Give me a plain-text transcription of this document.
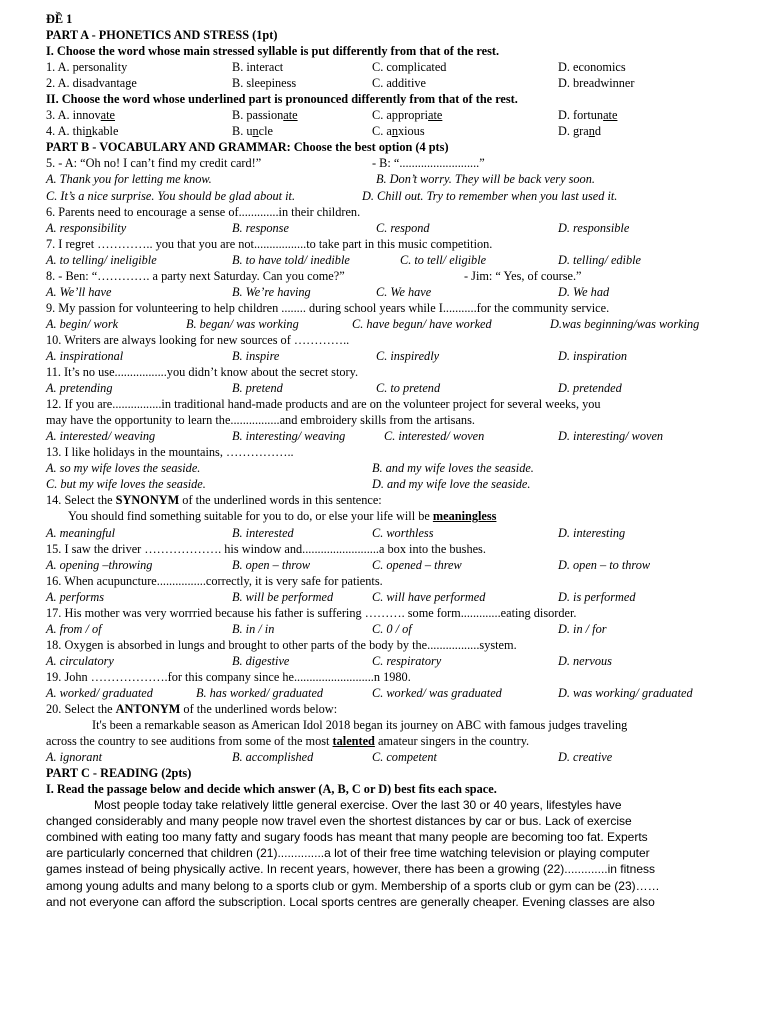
ĐỀ 1
PART A - PHONETICS AND STRESS (1pt)
I. Choose the word whose main stressed syllable is put differently from that of the rest.
1. A. personality	B. interact	C. complicated	D. economics
2. A. disadvantage	B. sleepiness	C. additive	D. breadwinner
II. Choose the word whose underlined part is pronounced differently from that of the rest.
3. A. innovate	B. passionate	C. appropriate	D. fortunate
4. A. thinkable	B. uncle	C. anxious	D. grand
PART B - VOCABULARY AND GRAMMAR: Choose the best option (4 pts)
5. - A: “Oh no! I can’t find my credit card!”	- B: “..........................”
A. Thank you for letting me know.	B. Don’t worry. They will be back very soon.
C. It’s a nice surprise. You should be glad about it.	D. Chill out. Try to remember when you last used it.
6. Parents need to encourage a sense of.............in their children.
A. responsibility	B. response	C. respond	D. responsible
7. I regret ………….. you that you are not.................to take part in this music competition.
A. to telling/ ineligible	B. to have told/ inedible	C. to tell/ eligible	D. telling/ edible
8. - Ben: “…………. a party next Saturday. Can you come?”	- Jim: “ Yes, of course.”
A. We’ll have	B. We’re having	C. We have	D. We had
9. My passion for volunteering to help children ........ during school years while I...........for the community service.
A. begin/ work	B. began/ was working	C. have begun/ have worked	D.was beginning/was working
10. Writers are always looking for new sources of …………..
A. inspirational	B. inspire	C. inspiredly	D. inspiration
11. It’s no use.................you didn’t know about the secret story.
A. pretending	B. pretend	C. to pretend	D. pretended
12. If you are................in traditional hand-made products and are on the volunteer project for several weeks, you
may have the opportunity to learn the................and embroidery skills from the artisans.
A. interested/ weaving	B. interesting/ weaving	C. interested/ woven	D. interesting/ woven
13. I like holidays in the mountains, ……………..
A. so my wife loves the seaside.	B. and my wife loves the seaside.
C. but my wife loves the seaside.	D. and my wife love the seaside.
14. Select the SYNONYM of the underlined words in this sentence:
You should find something suitable for you to do, or else your life will be meaningless
A. meaningful	B. interested	C. worthless	D. interesting
15. I saw the driver ………………. his window and.........................a box into the bushes.
A. opening –throwing	B. open – throw	C. opened – threw	D. open – to throw
16. When acupuncture................correctly, it is very safe for patients.
A. performs	B. will be performed	C. will have performed	D. is performed
17. His mother was very worrried because his father is suffering ………. some form.............eating disorder.
A. from / of	B. in / in	C. 0 / of	D. in / for
18. Oxygen is absorbed in lungs and brought to other parts of the body by the.................system.
A. circulatory	B. digestive	C. respiratory	D. nervous
19. John ……………….for this company since he..........................n 1980.
A. worked/ graduated	B. has worked/ graduated	C. worked/ was graduated	D. was working/ graduated
20. Select the ANTONYM of the underlined words below:
It's been a remarkable season as American Idol 2018 began its journey on ABC with famous judges traveling
across the country to see auditions from some of the most talented amateur singers in the country.
A. ignorant	B. accomplished	C. competent	D. creative
PART C - READING (2pts)
I. Read the passage below and decide which answer (A, B, C or D) best fits each space.
Most people today take relatively little general exercise. Over the last 30 or 40 years, lifestyles have
changed considerably and many people now travel even the shortest distances by car or bus. Lack of exercise
combined with eating too many fatty and sugary foods has meant that many people are becoming too fat. Experts
are particularly concerned that children (21)..............a lot of their free time watching television or playing computer
games instead of being physically active. In recent years, however, there has been a growing (22).............in fitness
among young adults and many belong to a sports club or gym. Membership of a sports club or gym can be (23)……
and not everyone can afford the subscription. Local sports centres are generally cheaper. Evening classes are also
